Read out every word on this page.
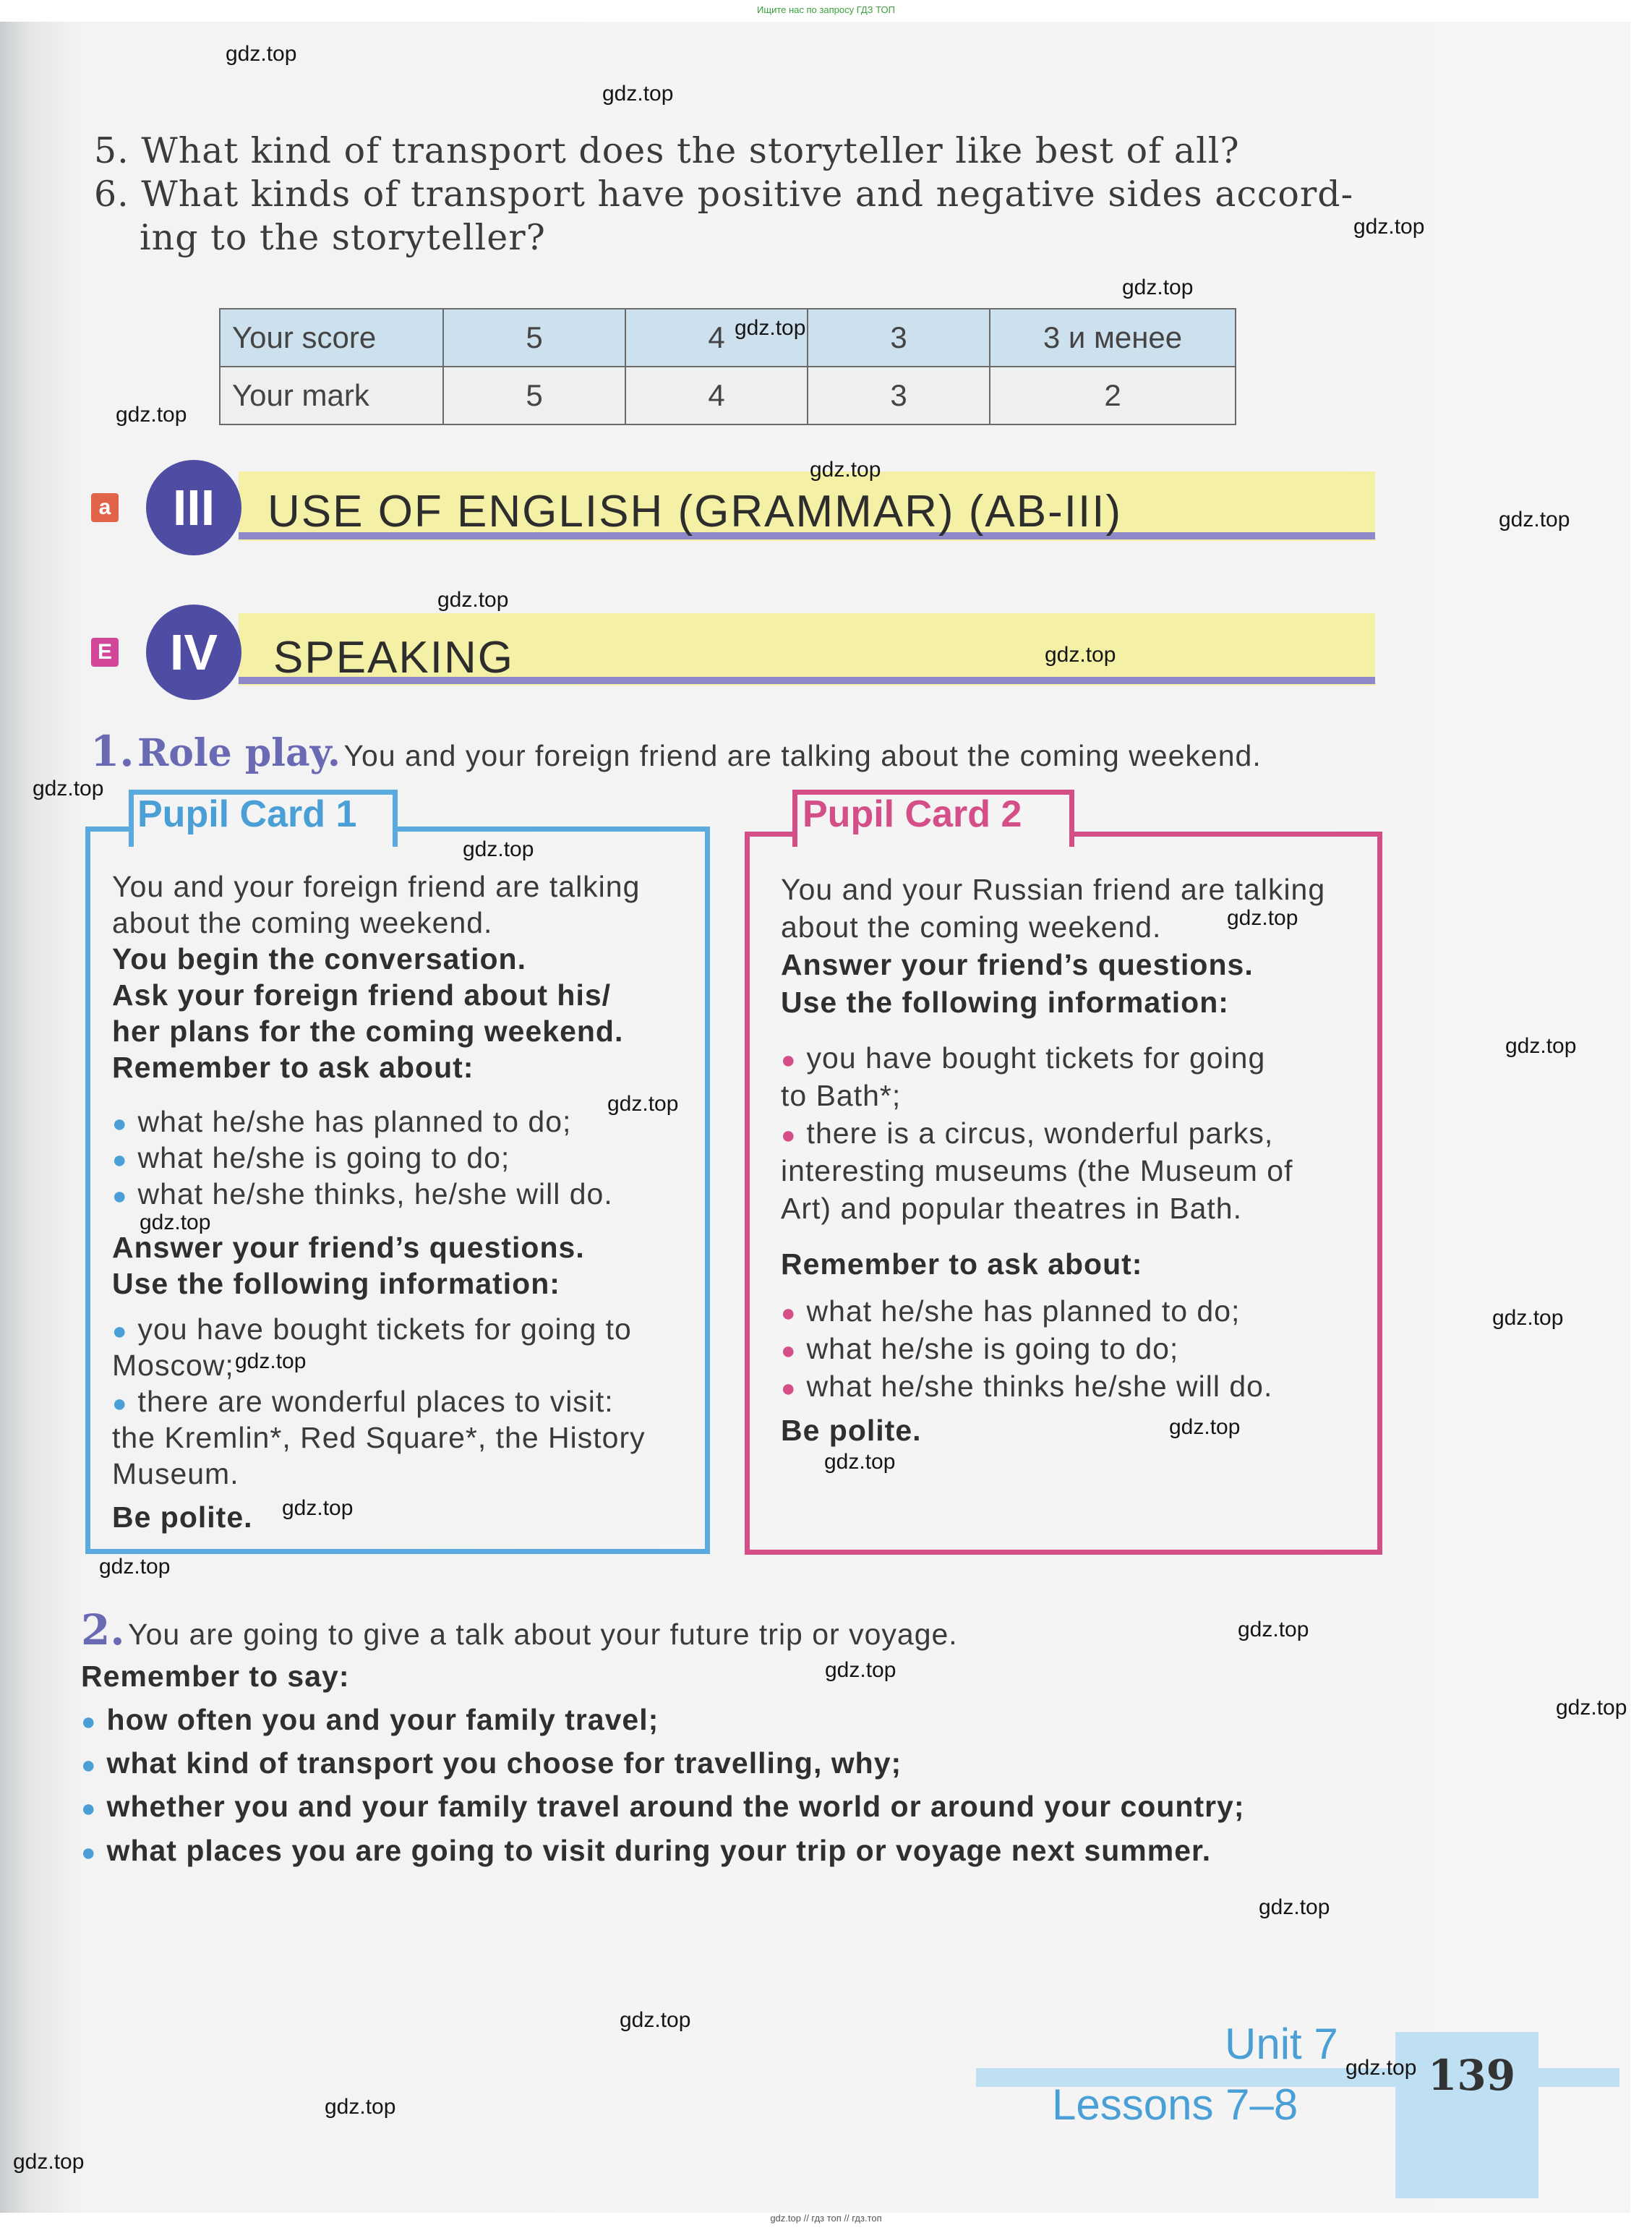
Ищите нас по запросу ГДЗ ТОП
5. What kind of transport does the storyteller like best of all?
6. What kinds of transport have positive and negative sides accord-
ing to the storyteller?
Your score	5	4	3	3 и менее
Your mark	5	4	3	2
a	III	USE OF ENGLISH (GRAMMAR) (AB-III)
E	IV	SPEAKING
1. Role play. You and your foreign friend are talking about the coming weekend.
Pupil Card 1
You and your foreign friend are talking
about the coming weekend.
You begin the conversation.
Ask your foreign friend about his/
her plans for the coming weekend.
Remember to ask about:
● what he/she has planned to do;
● what he/she is going to do;
● what he/she thinks, he/she will do.
Answer your friend’s questions.
Use the following information:
● you have bought tickets for going to
Moscow;
● there are wonderful places to visit:
the Kremlin*, Red Square*, the History
Museum.
Be polite.
Pupil Card 2
You and your Russian friend are talking
about the coming weekend.
Answer your friend’s questions.
Use the following information:
● you have bought tickets for going
to Bath*;
● there is a circus, wonderful parks,
interesting museums (the Museum of
Art) and popular theatres in Bath.
Remember to ask about:
● what he/she has planned to do;
● what he/she is going to do;
● what he/she thinks he/she will do.
Be polite.
2. You are going to give a talk about your future trip or voyage.
Remember to say:
● how often you and your family travel;
● what kind of transport you choose for travelling, why;
● whether you and your family travel around the world or around your country;
● what places you are going to visit during your trip or voyage next summer.
Unit 7
Lessons 7–8
139
gdz.top
gdz.top
gdz.top
gdz.top
gdz.top
gdz.top
gdz.top
gdz.top
gdz.top
gdz.top
gdz.top
gdz.top
gdz.top
gdz.top
gdz.top
gdz.top
gdz.top
gdz.top
gdz.top
gdz.top
gdz.top
gdz.top
gdz.top
gdz.top
gdz.top
gdz.top
gdz.top
gdz.top
gdz.top
gdz.top
gdz.top // гдз топ // гдз.топ
